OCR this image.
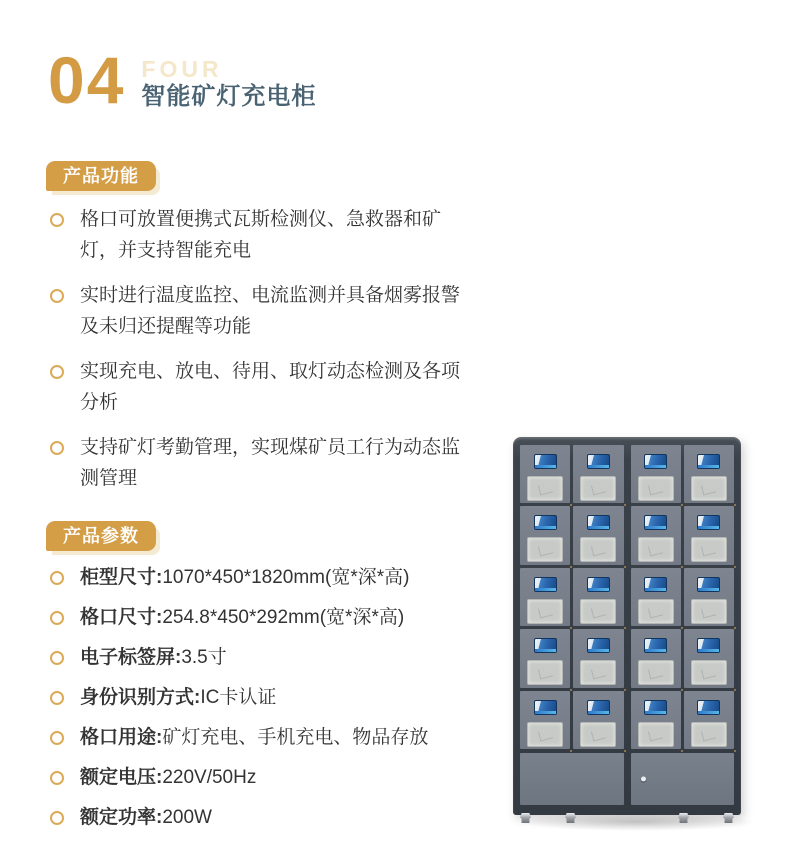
04 FOUR
智能矿灯充电柜
产品功能
格口可放置便携式瓦斯检测仪、急救器和矿灯，并支持智能充电
实时进行温度监控、电流监测并具备烟雾报警及未归还提醒等功能
实现充电、放电、待用、取灯动态检测及各项分析
支持矿灯考勤管理，实现煤矿员工行为动态监测管理
产品参数
柜型尺寸:1070*450*1820mm(宽*深*高)
格口尺寸:254.8*450*292mm(宽*深*高)
电子标签屏:3.5寸
身份识别方式:IC卡认证
格口用途:矿灯充电、手机充电、物品存放
额定电压:220V/50Hz
额定功率:200W
